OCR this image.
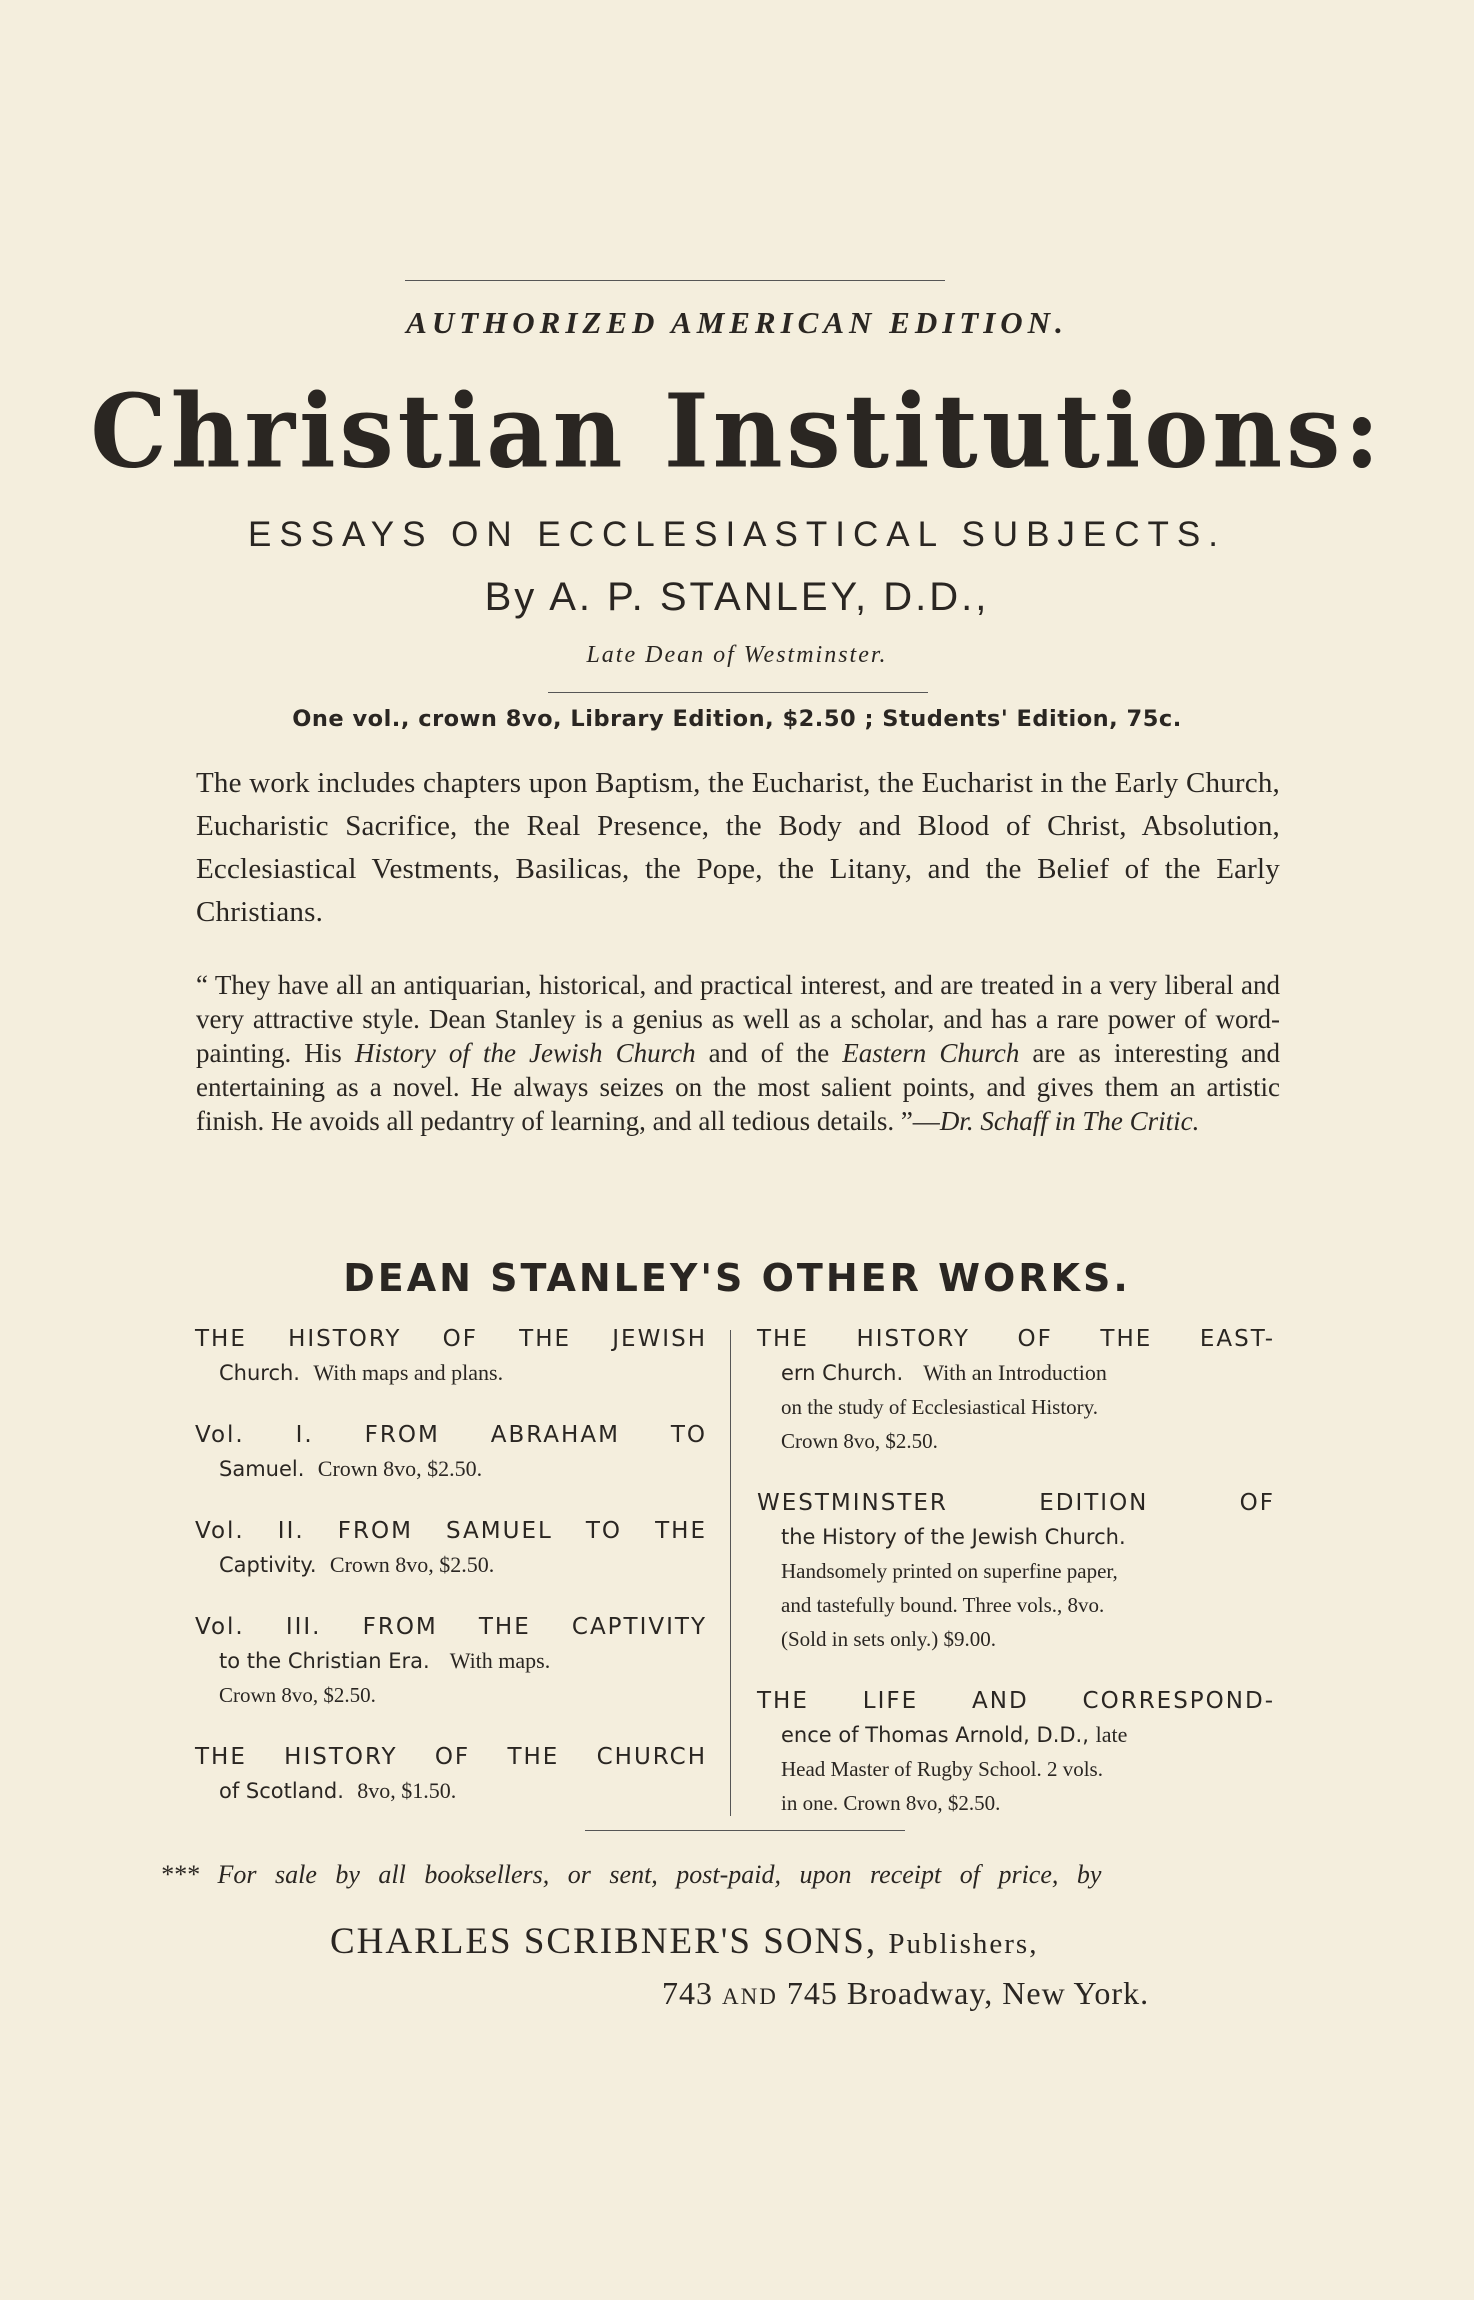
AUTHORIZED AMERICAN EDITION.
Christian Institutions:
ESSAYS ON ECCLESIASTICAL SUBJECTS.
By A. P. STANLEY, D.D.,
Late Dean of Westminster.
One vol., crown 8vo, Library Edition, $2.50 ; Students' Edition, 75c.
The work includes chapters upon Baptism, the Eucharist, the Eucharist in the Early Church, Eucharistic Sacrifice, the Real Presence, the Body and Blood of Christ, Absolution, Ecclesiastical Vestments, Basilicas, the Pope, the Litany, and the Belief of the Early Christians.
“ They have all an antiquarian, historical, and practical interest, and are treated in a very liberal and very attractive style. Dean Stanley is a genius as well as a scholar, and has a rare power of word-painting. His History of the Jewish Church and of the Eastern Church are as interesting and entertaining as a novel. He always seizes on the most salient points, and gives them an artistic finish. He avoids all pedantry of learning, and all tedious details. ”—Dr. Schaff in The Critic.
DEAN STANLEY'S OTHER WORKS.
THE HISTORY OF THE JEWISH
Church. With maps and plans.
Vol. I. FROM ABRAHAM TO
Samuel. Crown 8vo, $2.50.
Vol. II. FROM SAMUEL TO THE
Captivity. Crown 8vo, $2.50.
Vol. III. FROM THE CAPTIVITY
to the Christian Era. With maps.
Crown 8vo, $2.50.
THE HISTORY OF THE CHURCH
of Scotland. 8vo, $1.50.
THE HISTORY OF THE EAST-
ern Church. With an Introduction
on the study of Ecclesiastical History.
Crown 8vo, $2.50.
WESTMINSTER EDITION OF
the History of the Jewish Church.
Handsomely printed on superfine paper,
and tastefully bound. Three vols., 8vo.
(Sold in sets only.) $9.00.
THE LIFE AND CORRESPOND-
ence of Thomas Arnold, D.D., late
Head Master of Rugby School. 2 vols.
in one. Crown 8vo, $2.50.
*** For sale by all booksellers, or sent, post-paid, upon receipt of price, by
CHARLES SCRIBNER'S SONS, Publishers,
743 AND 745 Broadway, New York.
